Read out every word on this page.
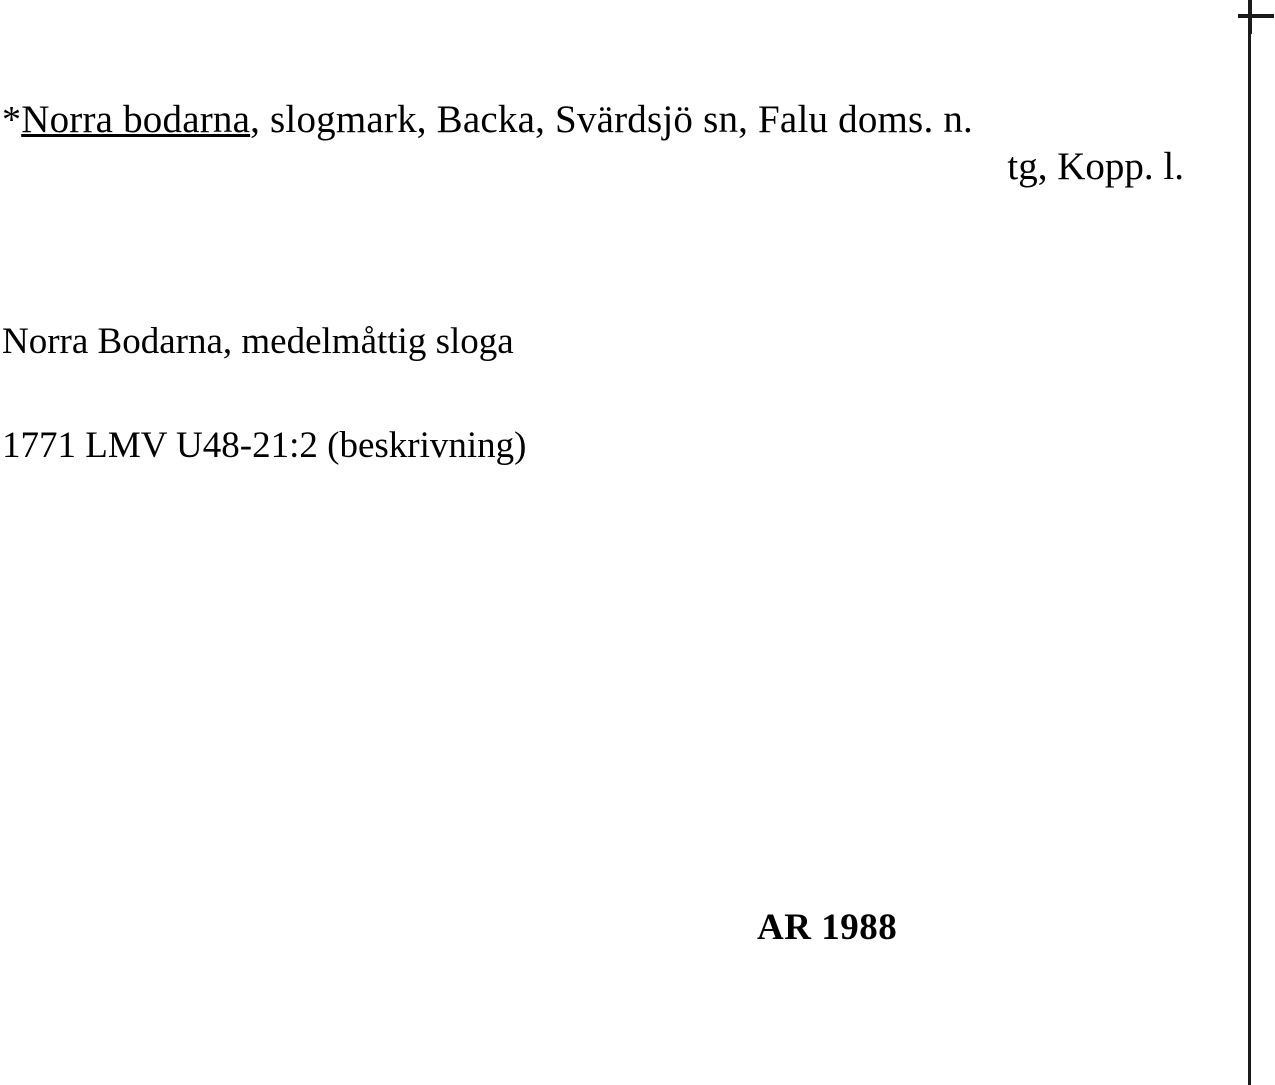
*Norra bodarna, slogmark, Backa, Svärdsjö sn, Falu doms. n.
tg, Kopp. l.
Norra Bodarna, medelmåttig sloga
1771 LMV U48-21:2 (beskrivning)
AR 1988
